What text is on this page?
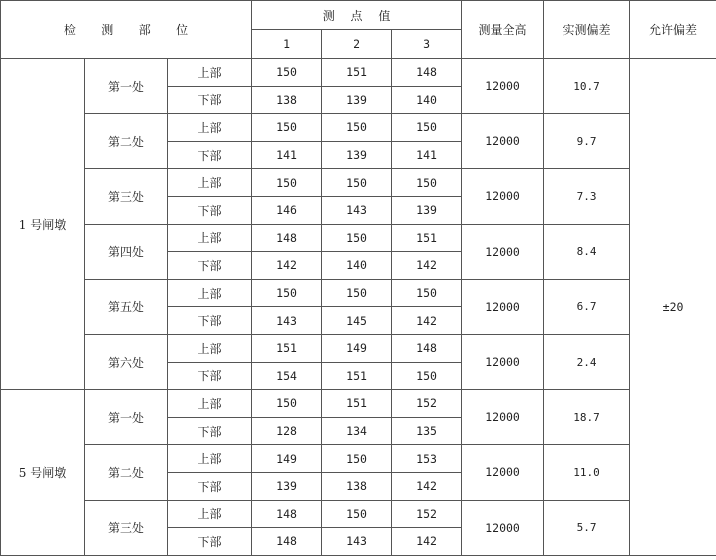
检 测 部 位			测 点 值			测量全高	实测偏差	允许偏差
			1	2	3			
1 号闸墩	第一处	上部	150	151	148	12000	10.7	±20
		下部	138	139	140			
	第二处	上部	150	150	150	12000	9.7	
		下部	141	139	141			
	第三处	上部	150	150	150	12000	7.3	
		下部	146	143	139			
	第四处	上部	148	150	151	12000	8.4	
		下部	142	140	142			
	第五处	上部	150	150	150	12000	6.7	
		下部	143	145	142			
	第六处	上部	151	149	148	12000	2.4	
		下部	154	151	150			
5 号闸墩	第一处	上部	150	151	152	12000	18.7	
		下部	128	134	135			
	第二处	上部	149	150	153	12000	11.0	
		下部	139	138	142			
	第三处	上部	148	150	152	12000	5.7	
		下部	148	143	142			
